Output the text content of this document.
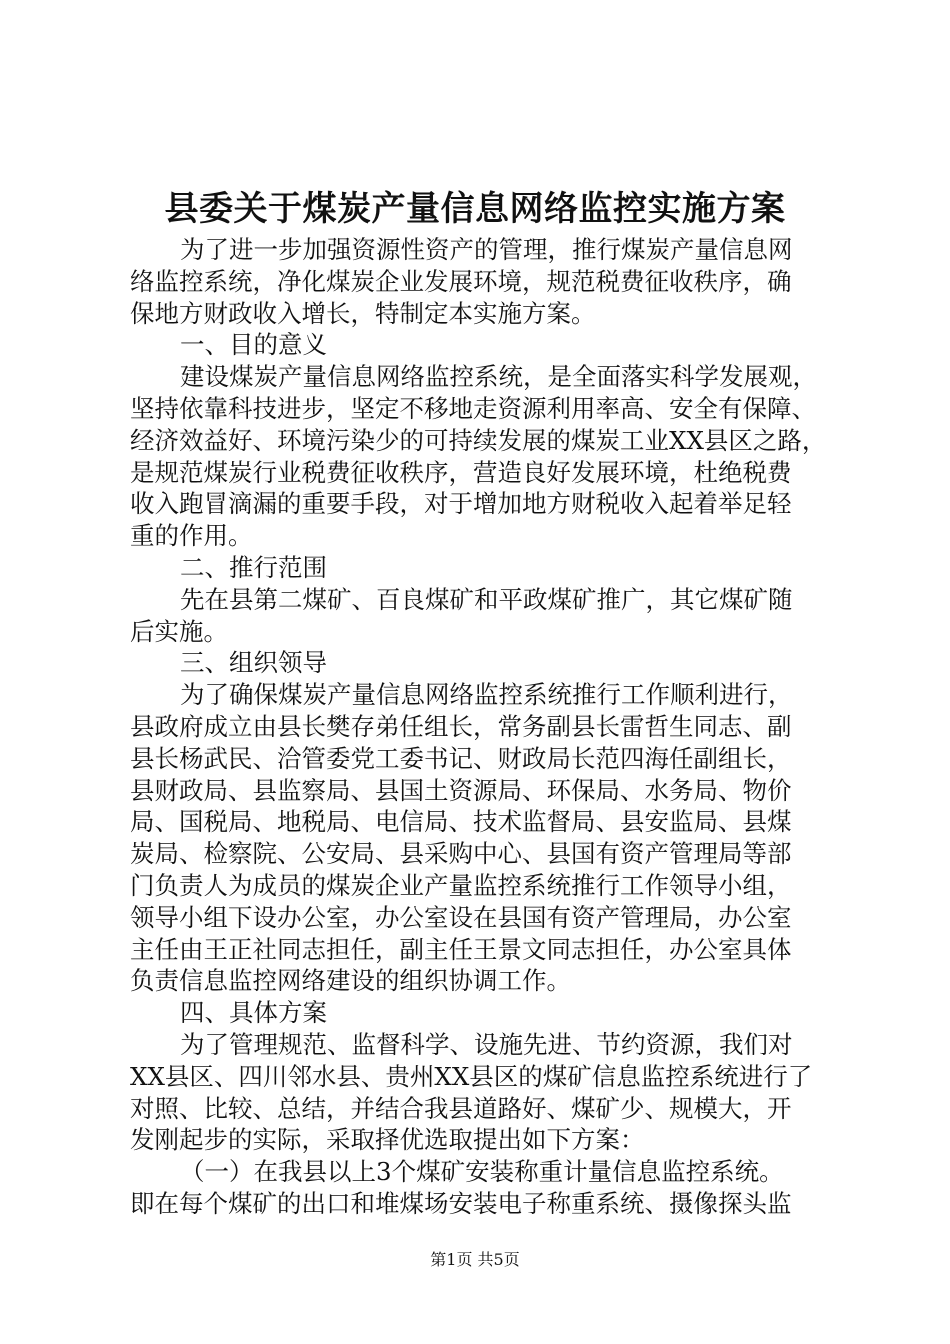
县委关于煤炭产量信息网络监控实施方案
为了进一步加强资源性资产的管理，推行煤炭产量信息网
络监控系统，净化煤炭企业发展环境，规范税费征收秩序，确
保地方财政收入增长，特制定本实施方案。
一、目的意义
建设煤炭产量信息网络监控系统，是全面落实科学发展观，
坚持依靠科技进步，坚定不移地走资源利用率高、安全有保障、
经济效益好、环境污染少的可持续发展的煤炭工业XX县区之路，
是规范煤炭行业税费征收秩序，营造良好发展环境，杜绝税费
收入跑冒滴漏的重要手段，对于增加地方财税收入起着举足轻
重的作用。
二、推行范围
先在县第二煤矿、百良煤矿和平政煤矿推广，其它煤矿随
后实施。
三、组织领导
为了确保煤炭产量信息网络监控系统推行工作顺利进行，
县政府成立由县长樊存弟任组长，常务副县长雷哲生同志、副
县长杨武民、洽管委党工委书记、财政局长范四海任副组长，
县财政局、县监察局、县国土资源局、环保局、水务局、物价
局、国税局、地税局、电信局、技术监督局、县安监局、县煤
炭局、检察院、公安局、县采购中心、县国有资产管理局等部
门负责人为成员的煤炭企业产量监控系统推行工作领导小组，
领导小组下设办公室，办公室设在县国有资产管理局，办公室
主任由王正社同志担任，副主任王景文同志担任，办公室具体
负责信息监控网络建设的组织协调工作。
四、具体方案
为了管理规范、监督科学、设施先进、节约资源，我们对
XX县区、四川邻水县、贵州XX县区的煤矿信息监控系统进行了
对照、比较、总结，并结合我县道路好、煤矿少、规模大，开
发刚起步的实际，采取择优选取提出如下方案：
（一）在我县以上3个煤矿安装称重计量信息监控系统。
即在每个煤矿的出口和堆煤场安装电子称重系统、摄像探头监
第1页 共5页
